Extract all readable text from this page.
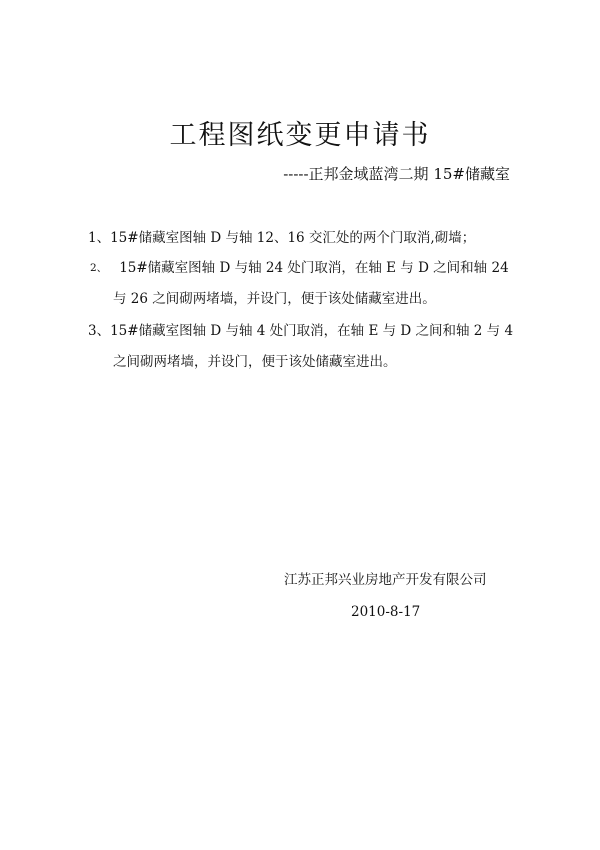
工程图纸变更申请书
-----正邦金域蓝湾二期 15#储藏室
1、15#储藏室图轴 D 与轴 12、16 交汇处的两个门取消,砌墙；
2、 15#储藏室图轴 D 与轴 24 处门取消，在轴 E 与 D 之间和轴 24
与 26 之间砌两堵墙，并设门，便于该处储藏室进出。
3、15#储藏室图轴 D 与轴 4 处门取消，在轴 E 与 D 之间和轴 2 与 4
之间砌两堵墙，并设门，便于该处储藏室进出。
江苏正邦兴业房地产开发有限公司
2010-8-17
